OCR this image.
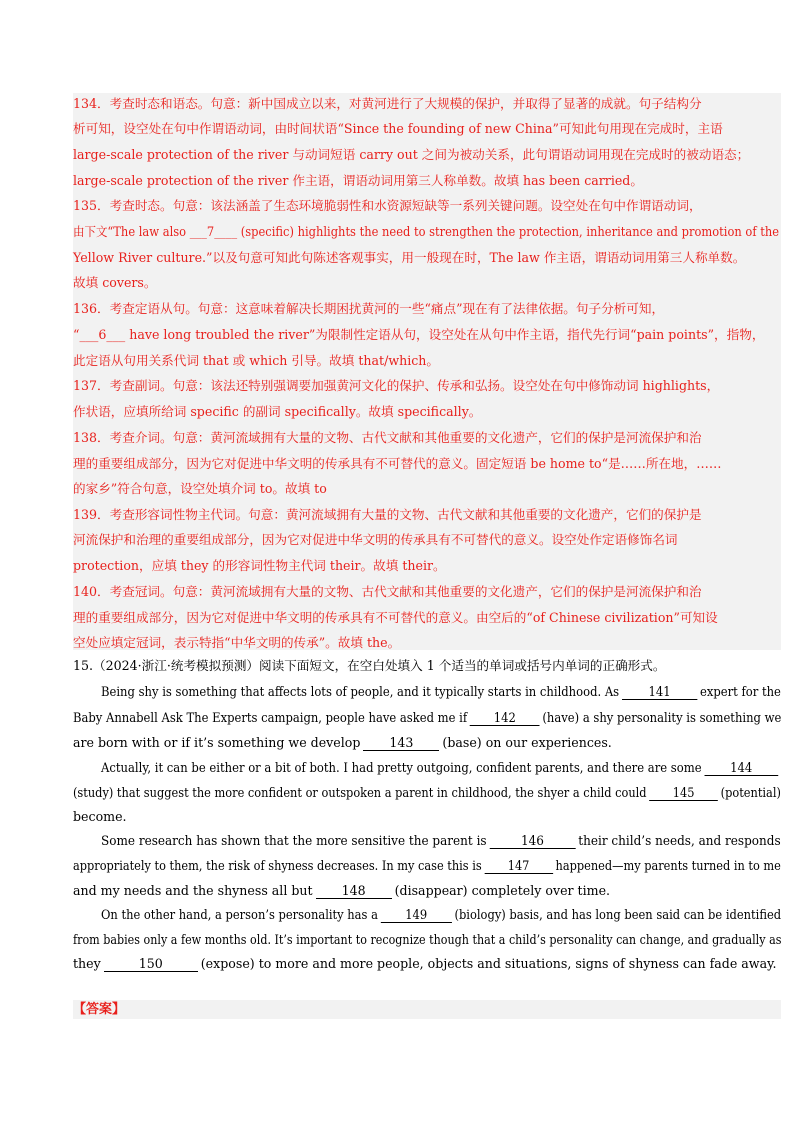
134．考查时态和语态。句意：新中国成立以来，对黄河进行了大规模的保护，并取得了显著的成就。句子结构分
析可知，设空处在句中作谓语动词，由时间状语“Since the founding of new China”可知此句用现在完成时，主语
large-scale protection of the river 与动词短语 carry out 之间为被动关系，此句谓语动词用现在完成时的被动语态；
large-scale protection of the river 作主语，谓语动词用第三人称单数。故填 has been carried。
135．考查时态。句意：该法涵盖了生态环境脆弱性和水资源短缺等一系列关键问题。设空处在句中作谓语动词，
由下文“The law also ___7____ (specific) highlights the need to strengthen the protection, inheritance and promotion of the
Yellow River culture.”以及句意可知此句陈述客观事实，用一般现在时，The law 作主语，谓语动词用第三人称单数。
故填 covers。
136．考查定语从句。句意：这意味着解决长期困扰黄河的一些“痛点”现在有了法律依据。句子分析可知，
“___6___ have long troubled the river”为限制性定语从句，设空处在从句中作主语，指代先行词“pain points”，指物，
此定语从句用关系代词 that 或 which 引导。故填 that/which。
137．考查副词。句意：该法还特别强调要加强黄河文化的保护、传承和弘扬。设空处在句中修饰动词 highlights，
作状语，应填所给词 specific 的副词 specifically。故填 specifically。
138．考查介词。句意：黄河流域拥有大量的文物、古代文献和其他重要的文化遗产，它们的保护是河流保护和治
理的重要组成部分，因为它对促进中华文明的传承具有不可替代的意义。固定短语 be home to“是……所在地，……
的家乡”符合句意，设空处填介词 to。故填 to
139．考查形容词性物主代词。句意：黄河流域拥有大量的文物、古代文献和其他重要的文化遗产，它们的保护是
河流保护和治理的重要组成部分，因为它对促进中华文明的传承具有不可替代的意义。设空处作定语修饰名词
protection，应填 they 的形容词性物主代词 their。故填 their。
140．考查冠词。句意：黄河流域拥有大量的文物、古代文献和其他重要的文化遗产，它们的保护是河流保护和治
理的重要组成部分，因为它对促进中华文明的传承具有不可替代的意义。由空后的“of Chinese civilization”可知设
空处应填定冠词，表示特指“中华文明的传承”。故填 the。
15.（2024·浙江·统考模拟预测）阅读下面短文，在空白处填入 1 个适当的单词或括号内单词的正确形式。
Being shy is something that affects lots of people, and it typically starts in childhood. As 141 expert for the
Baby Annabell Ask The Experts campaign, people have asked me if 142 (have) a shy personality is something we
are born with or if it’s something we develop 143 (base) on our experiences.
Actually, it can be either or a bit of both. I had pretty outgoing, confident parents, and there are some 144
(study) that suggest the more confident or outspoken a parent in childhood, the shyer a child could 145 (potential)
become.
Some research has shown that the more sensitive the parent is	146	their child’s needs, and responds
appropriately to them, the risk of shyness decreases. In my case this is 147 happened—my parents turned in to me
and my needs and the shyness all but 148 (disappear) completely over time.
On the other hand, a person’s personality has a 149 (biology) basis, and has long been said can be identified
from babies only a few months old. It’s important to recognize though that a child’s personality can change, and gradually as
they	150	(expose) to more and more people, objects and situations, signs of shyness can fade away.
【答案】
